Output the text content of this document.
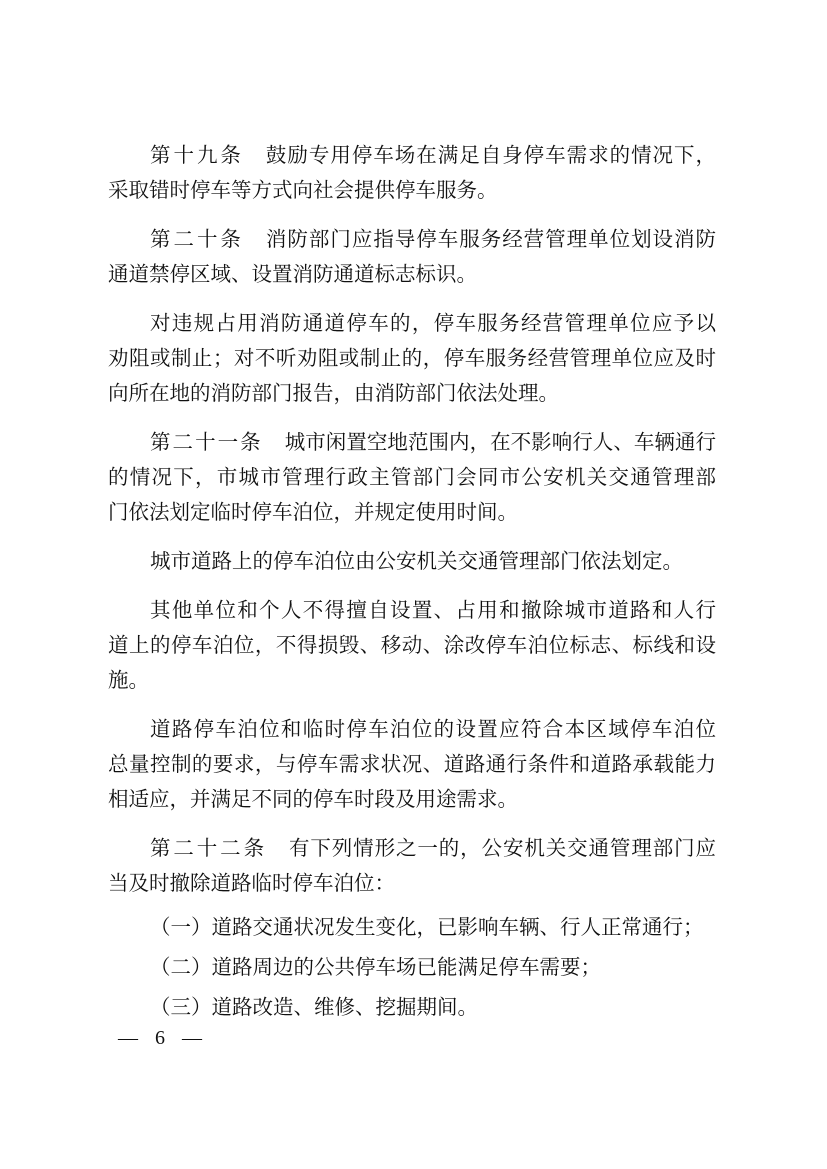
第十九条 鼓励专用停车场在满足自身停车需求的情况下，
采取错时停车等方式向社会提供停车服务。
第二十条 消防部门应指导停车服务经营管理单位划设消防
通道禁停区域、设置消防通道标志标识。
对违规占用消防通道停车的，停车服务经营管理单位应予以
劝阻或制止；对不听劝阻或制止的，停车服务经营管理单位应及时
向所在地的消防部门报告，由消防部门依法处理。
第二十一条 城市闲置空地范围内，在不影响行人、车辆通行
的情况下，市城市管理行政主管部门会同市公安机关交通管理部
门依法划定临时停车泊位，并规定使用时间。
城市道路上的停车泊位由公安机关交通管理部门依法划定。
其他单位和个人不得擅自设置、占用和撤除城市道路和人行
道上的停车泊位，不得损毁、移动、涂改停车泊位标志、标线和设
施。
道路停车泊位和临时停车泊位的设置应符合本区域停车泊位
总量控制的要求，与停车需求状况、道路通行条件和道路承载能力
相适应，并满足不同的停车时段及用途需求。
第二十二条 有下列情形之一的，公安机关交通管理部门应
当及时撤除道路临时停车泊位：
（一）道路交通状况发生变化，已影响车辆、行人正常通行；
（二）道路周边的公共停车场已能满足停车需要；
（三）道路改造、维修、挖掘期间。
— 6 —
